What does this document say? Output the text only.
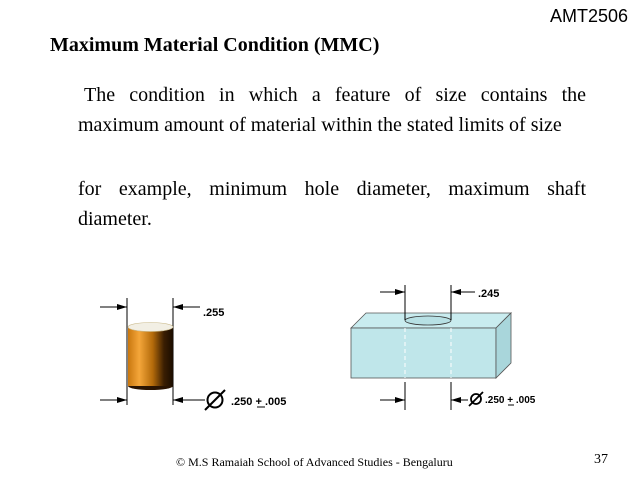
AMT2506
Maximum Material Condition (MMC)
The condition in which a feature of size contains the maximum amount of material within the stated limits of size
for example, minimum hole diameter, maximum shaft diameter.
.255
.250 + .005
.245
.250 + .005
© M.S Ramaiah School of Advanced Studies - Bengaluru	37
